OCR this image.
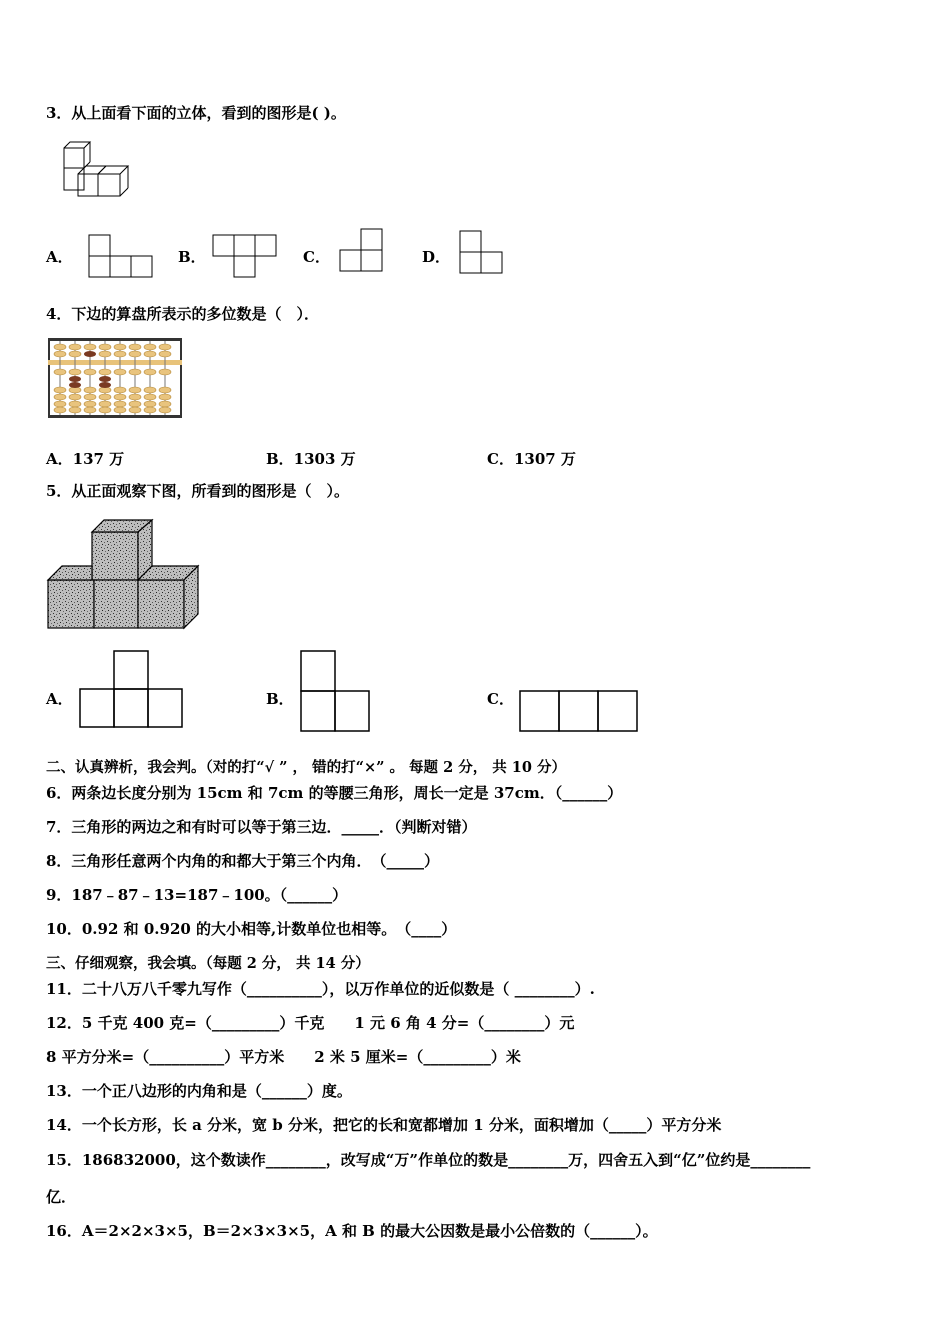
3．从上面看下面的立体，看到的图形是( )。
A．	B．	C．	D．
4．下边的算盘所表示的多位数是（　）．
A．137 万	B．1303 万	C．1307 万
5．从正面观察下图，所看到的图形是（　）。
A．	B．	C．
二、认真辨析，我会判。（对的打“√ ” ， 错的打“×” 。 每题 2 分， 共 10 分）
6．两条边长度分别为 15cm 和 7cm 的等腰三角形，周长一定是 37cm．（______）
7．三角形的两边之和有时可以等于第三边．_____．（判断对错）
8．三角形任意两个内角的和都大于第三个内角．　（_____）
9．187﹣87﹣13=187﹣100。（______）
10．0.92 和 0.920 的大小相等,计数单位也相等。　（____）
三、仔细观察，我会填。（每题 2 分， 共 14 分）
11．二十八万八千零九写作（__________），以万作单位的近似数是（ ________）.
12．5 千克 400 克=（_________）千克　　1 元 6 角 4 分=（________）元
8 平方分米=（__________）平方米　　2 米 5 厘米=（_________）米
13．一个正八边形的内角和是（______）度。
14．一个长方形，长 a 分米，宽 b 分米，把它的长和宽都增加 1 分米，面积增加（_____）平方分米
15．186832000，这个数读作________，改写成“万”作单位的数是________万，四舍五入到“亿”位约是________
亿．
16．A＝2×2×3×5，B＝2×3×3×5，A 和 B 的最大公因数是最小公倍数的（______）。
